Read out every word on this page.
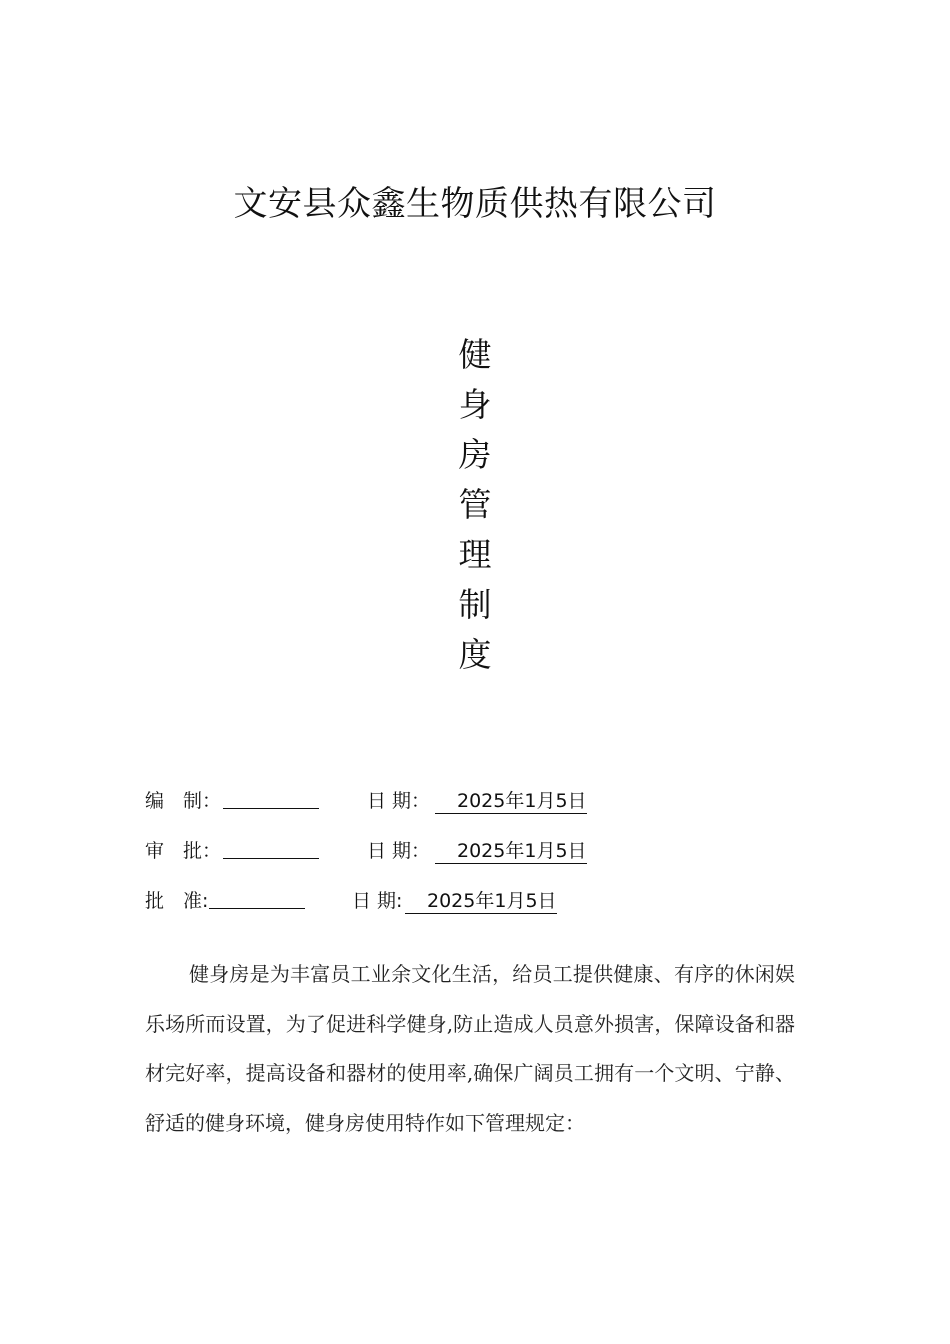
文安县众鑫生物质供热有限公司
健
身
房
管
理
制
度
编　制：	日 期：	2025年1月5日
审　批：	日 期：	2025年1月5日
批　准:	日 期:	2025年1月5日

健身房是为丰富员工业余文化生活，给员工提供健康、有序的休闲娱乐场所而设置，为了促进科学健身,防止造成人员意外损害，保障设备和器材完好率，提高设备和器材的使用率,确保广阔员工拥有一个文明、宁静、舒适的健身环境，健身房使用特作如下管理规定：
